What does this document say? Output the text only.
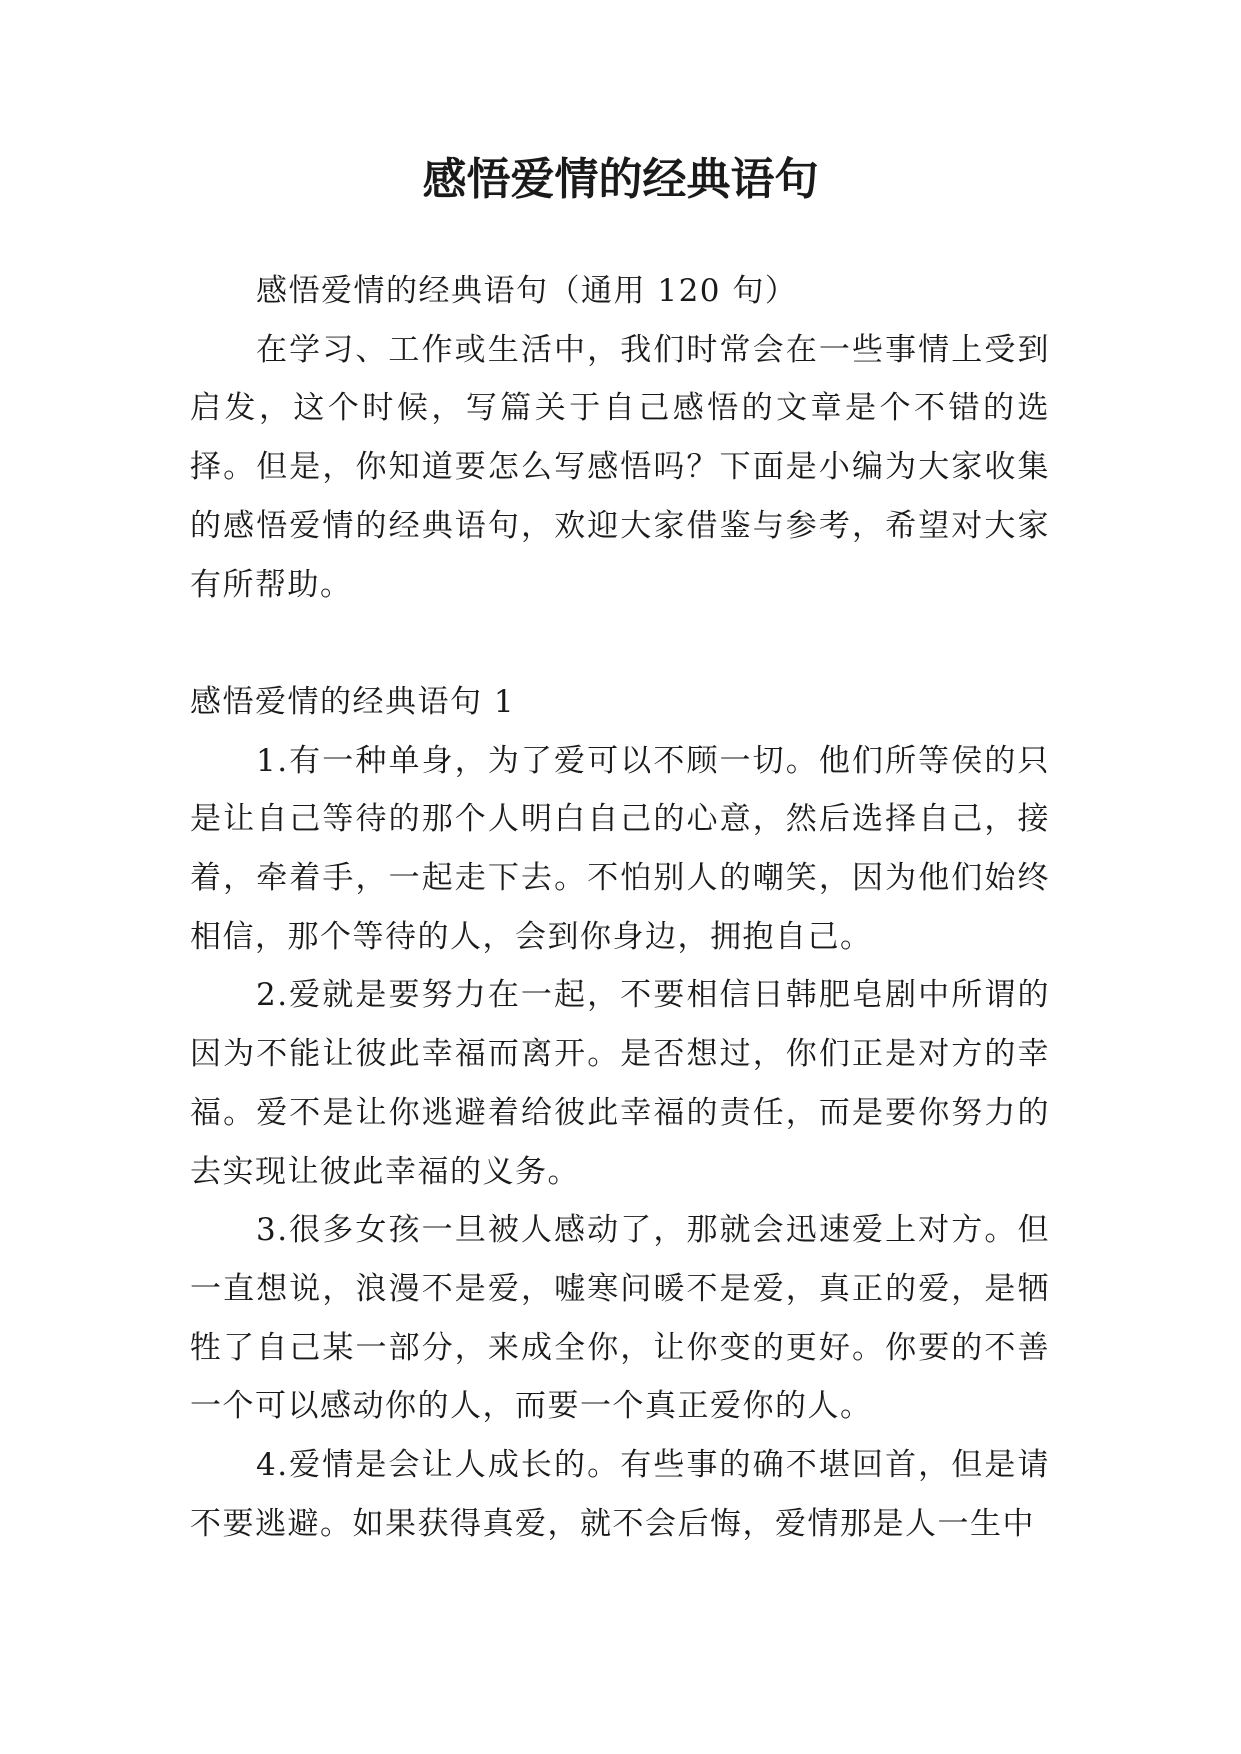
感悟爱情的经典语句

感悟爱情的经典语句（通用 120 句）

在学习、工作或生活中，我们时常会在一些事情上受到启发，这个时候，写篇关于自己感悟的文章是个不错的选择。但是，你知道要怎么写感悟吗？下面是小编为大家收集的感悟爱情的经典语句，欢迎大家借鉴与参考，希望对大家有所帮助。

感悟爱情的经典语句 1

1.有一种单身，为了爱可以不顾一切。他们所等侯的只是让自己等待的那个人明白自己的心意，然后选择自己，接着，牵着手，一起走下去。不怕别人的嘲笑，因为他们始终相信，那个等待的人，会到你身边，拥抱自己。

2.爱就是要努力在一起，不要相信日韩肥皂剧中所谓的因为不能让彼此幸福而离开。是否想过，你们正是对方的幸福。爱不是让你逃避着给彼此幸福的责任，而是要你努力的去实现让彼此幸福的义务。

3.很多女孩一旦被人感动了，那就会迅速爱上对方。但一直想说，浪漫不是爱，嘘寒问暖不是爱，真正的爱，是牺牲了自己某一部分，来成全你，让你变的更好。你要的不善一个可以感动你的人，而要一个真正爱你的人。

4.爱情是会让人成长的。有些事的确不堪回首，但是请不要逃避。如果获得真爱，就不会后悔，爱情那是人一生中
